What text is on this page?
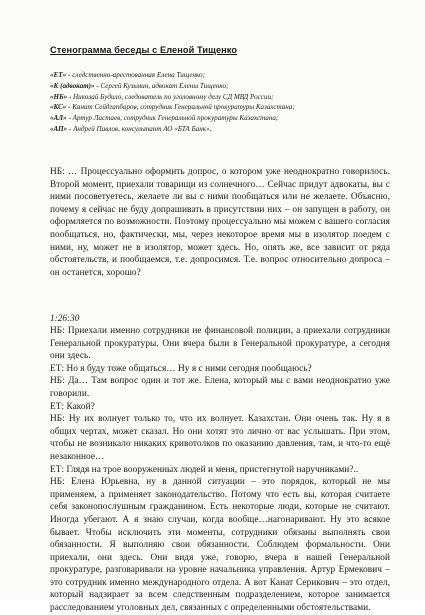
Стенограмма беседы с Еленой Тищенко
«ЕТ» - следственно-арестованная Елена Тищенко;
«К (адвокат)» - Сергей Кузьмин, адвокат Елены Тищенко;
«НБ» - Николай Будило, следователь по уголовному делу СД МВД России;
«КС» - Канат Сейдгапбаров, сотрудник Генеральной прокуратуры Казахстана;
«АЛ» - Артур Ластаев, сотрудник Генеральной прокуратуры Казахстана;
«АП» - Андрей Павлов, консультант АО «БТА Банк».
НБ: … Процессуально оформить допрос, о котором уже неоднократно говорилось. Второй момент, приехали товарищи из солнечного… Сейчас придут адвокаты, вы с ними посоветуетесь, желаете ли вы с ними пообщаться или не желаете. Объясню, почему я сейчас не буду допрашивать в присутствии них – он запущен в работу, он оформляется по возможности. Поэтому процессуально мы можем с вашего согласия пообщаться, но, фактически, мы, через некоторое время мы в изолятор поедем с ними, ну, может не в изолятор, может здесь. Но, опять же, все зависит от ряда обстоятельств, и пообщаемся, т.е. допросимся. Т.е. вопрос относительно допроса – он останется, хорошо?
1:26:30

НБ: Приехали именно сотрудники не финансовой полиции, а приехали сотрудники Генеральной прокуратуры. Они вчера были в Генеральной прокуратуре, а сегодня они здесь.

ЕТ: Но я буду тоже общаться… Ну я с ними сегодня пообщаюсь?

НБ: Да… Там вопрос один и тот же. Елена, который мы с вами неоднократно уже говорили.

ЕТ: Какой?

НБ: Ну их волнует только то, что их волнует. Казахстан. Они очень так. Ну я в общих чертах, может сказал. Но они хотят это лично от вас услышать. При этом, чтобы не возникало никаких кривотолков по оказанию давления, там, и что-то ещё незаконное…

ЕТ: Глядя на трое вооруженных людей и меня, пристегнутой наручниками?..

НБ: Елена Юрьевна, ну в данной ситуации – это порядок, который не мы применяем, а применяет законодательство. Потому что есть вы, которая считаете себя законопослушным гражданином. Есть некоторые люди, которые не считают. Иногда убегают. А я знаю случаи, когда вообще…нагонаривают. Ну это всякое бывает. Чтобы исключить эти моменты, сотрудники обязаны выполнять свои обязанности. Я выполняю свои обязанности. Соблюдем формальности. Они приехали, они здесь. Они видя уже, говорю, вчера в нашей Генеральной прокуратуре, разговаривали на уровне начальника управления. Артур Ермекович – это сотрудник именно международного отдела. А вот Канат Серикович – это отдел, который надзирает за всем следственным подразделением, которое занимается расследованием уголовных дел, связанных с определенными обстоятельствами.
